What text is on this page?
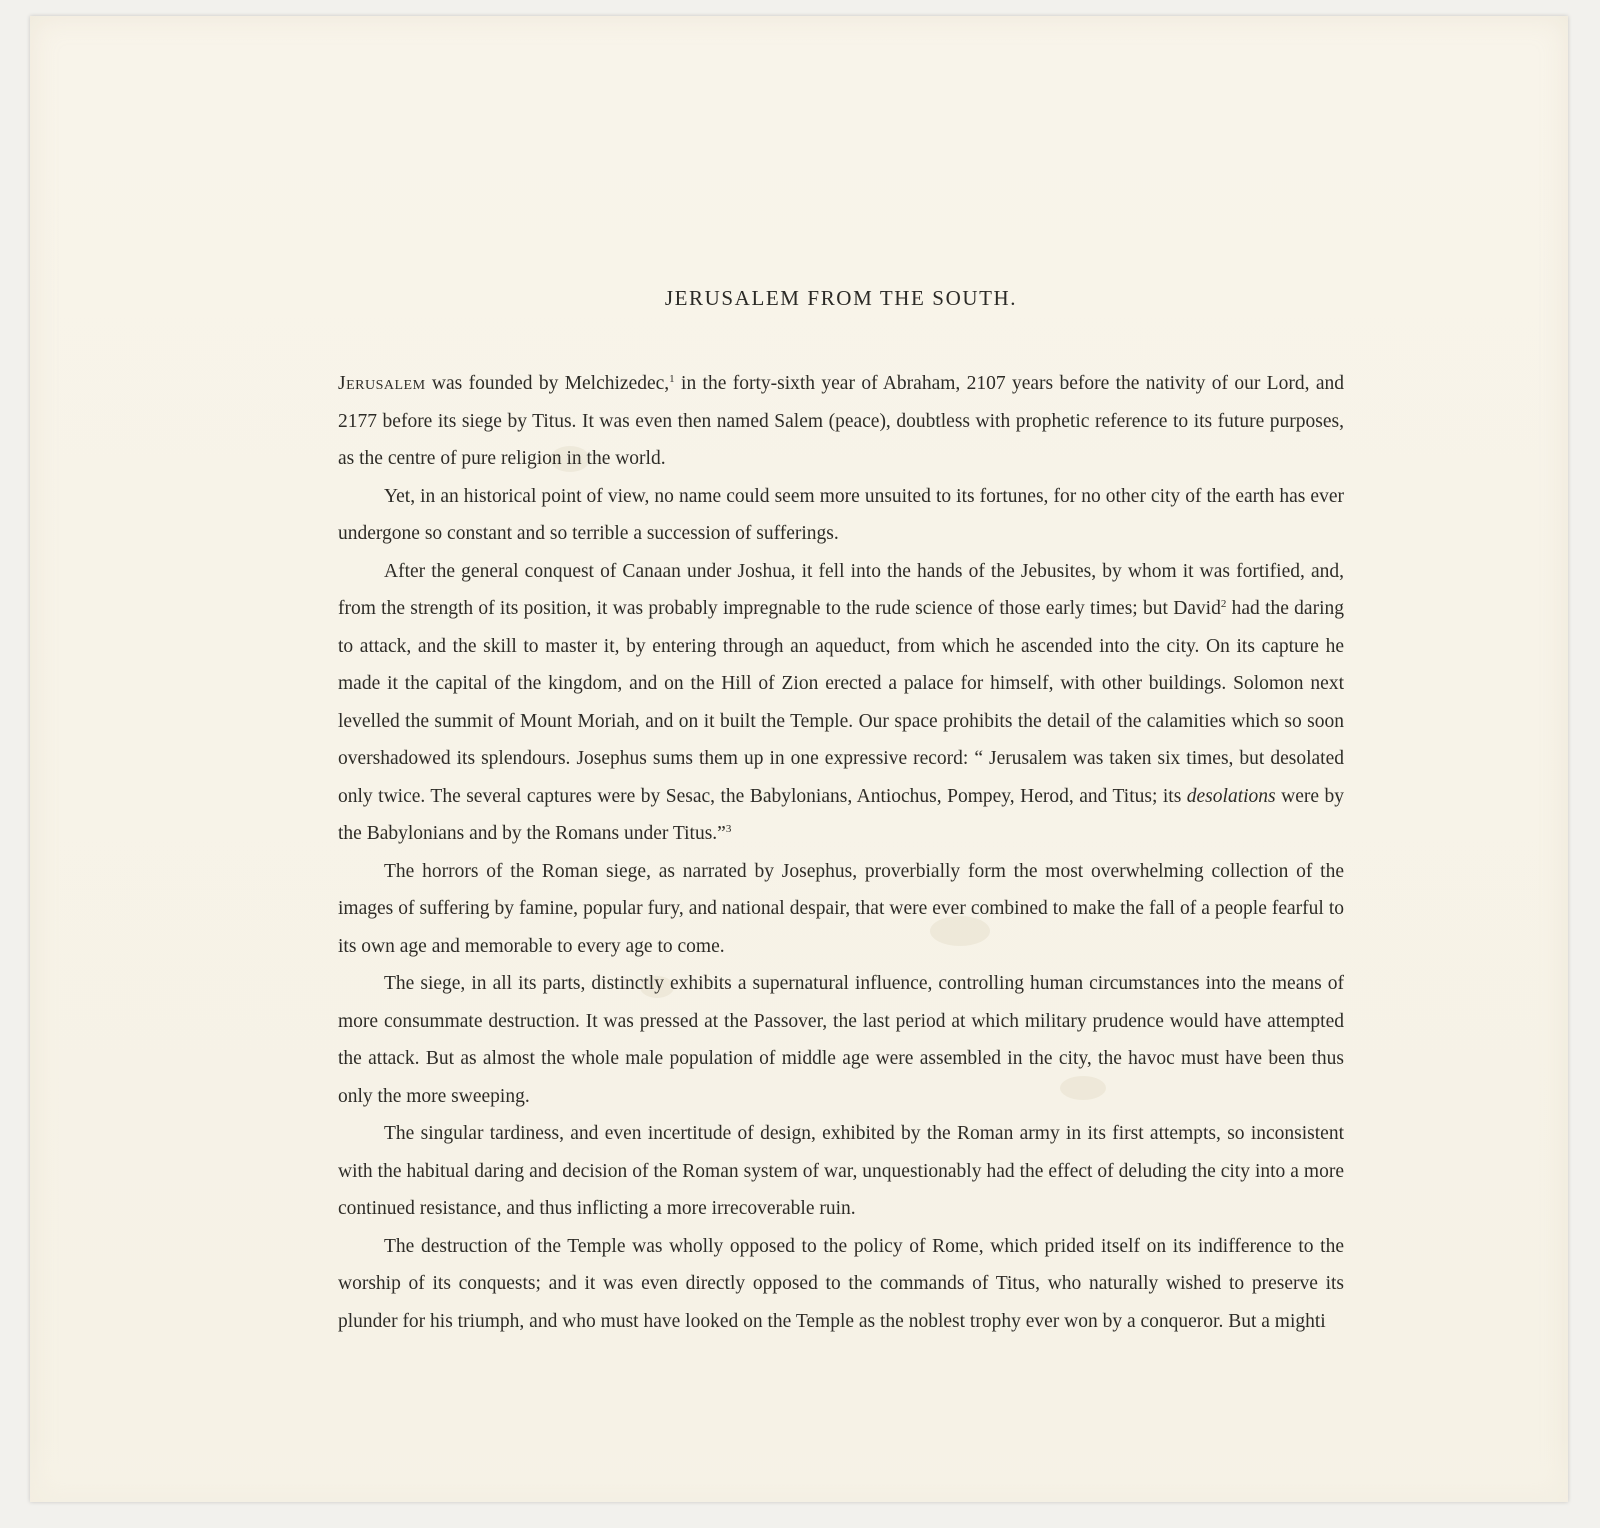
JERUSALEM FROM THE SOUTH.

Jerusalem was founded by Melchizedec,$^1$ in the forty-sixth year of Abraham, 2107 years before the nativity of our Lord, and 2177 before its siege by Titus. It was even then named Salem (peace), doubtless with prophetic reference to its future purposes, as the centre of pure religion in the world.

Yet, in an historical point of view, no name could seem more unsuited to its fortunes, for no other city of the earth has ever undergone so constant and so terrible a succession of sufferings.

After the general conquest of Canaan under Joshua, it fell into the hands of the Jebusites, by whom it was fortified, and, from the strength of its position, it was probably impregnable to the rude science of those early times; but David$^2$ had the daring to attack, and the skill to master it, by entering through an aqueduct, from which he ascended into the city. On its capture he made it the capital of the kingdom, and on the Hill of Zion erected a palace for himself, with other buildings. Solomon next levelled the summit of Mount Moriah, and on it built the Temple. Our space prohibits the detail of the calamities which so soon overshadowed its splendours. Josephus sums them up in one expressive record: “ Jerusalem was taken six times, but desolated only twice. The several captures were by Sesac, the Babylonians, Antiochus, Pompey, Herod, and Titus; its desolations were by the Babylonians and by the Romans under Titus.”$^3$

The horrors of the Roman siege, as narrated by Josephus, proverbially form the most overwhelming collection of the images of suffering by famine, popular fury, and national despair, that were ever combined to make the fall of a people fearful to its own age and memorable to every age to come.

The siege, in all its parts, distinctly exhibits a supernatural influence, controlling human circumstances into the means of more consummate destruction. It was pressed at the Passover, the last period at which military prudence would have attempted the attack. But as almost the whole male population of middle age were assembled in the city, the havoc must have been thus only the more sweeping.

The singular tardiness, and even incertitude of design, exhibited by the Roman army in its first attempts, so inconsistent with the habitual daring and decision of the Roman system of war, unquestionably had the effect of deluding the city into a more continued resistance, and thus inflicting a more irrecoverable ruin.

The destruction of the Temple was wholly opposed to the policy of Rome, which prided itself on its indifference to the worship of its conquests; and it was even directly opposed to the commands of Titus, who naturally wished to preserve its plunder for his triumph, and who must have looked on the Temple as the noblest trophy ever won by a conqueror. But a mighti
